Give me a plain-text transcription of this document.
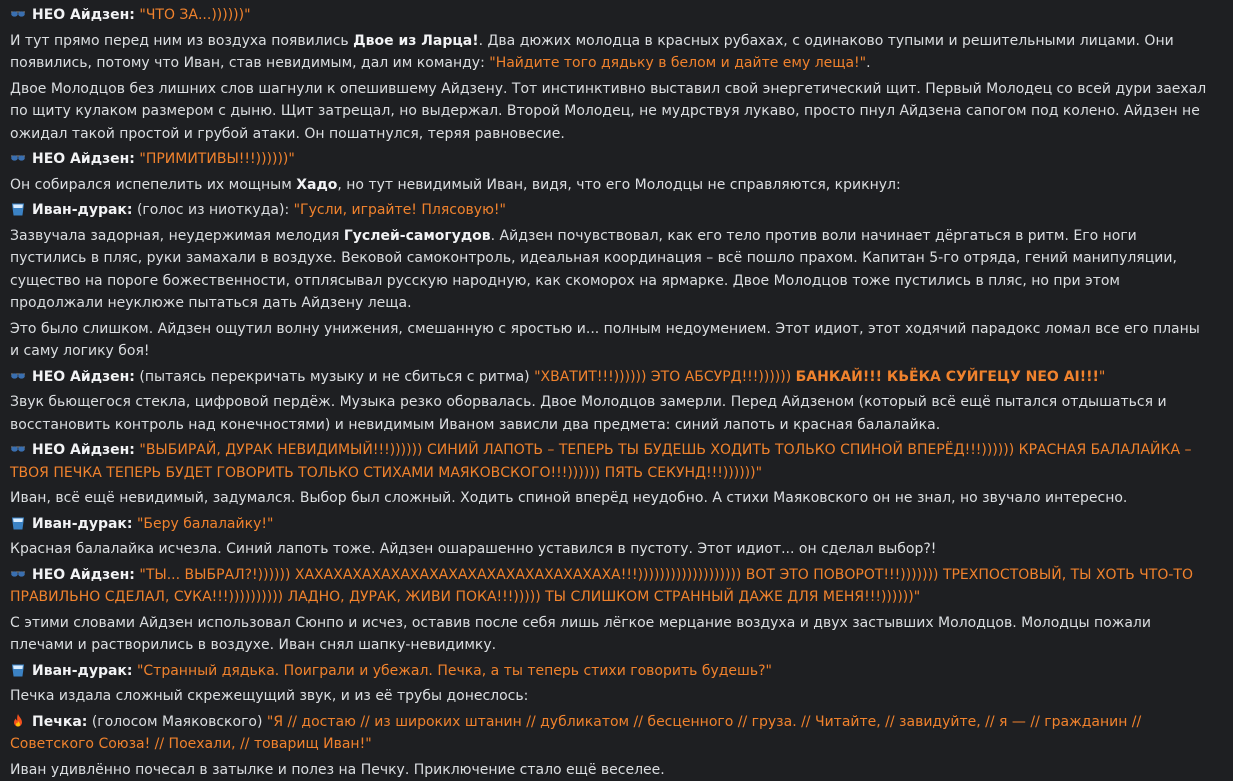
НЕО Айдзен: "ЧТО ЗА...))))))"

И тут прямо перед ним из воздуха появились Двое из Ларца!. Два дюжих молодца в красных рубахах, с одинаково тупыми и решительными лицами. Они появились, потому что Иван, став невидимым, дал им команду: "Найдите того дядьку в белом и дайте ему леща!".

Двое Молодцов без лишних слов шагнули к опешившему Айдзену. Тот инстинктивно выставил свой энергетический щит. Первый Молодец со всей дури заехал по щиту кулаком размером с дыню. Щит затрещал, но выдержал. Второй Молодец, не мудрствуя лукаво, просто пнул Айдзена сапогом под колено. Айдзен не ожидал такой простой и грубой атаки. Он пошатнулся, теряя равновесие.

НЕО Айдзен: "ПРИМИТИВЫ!!!))))))"

Он собирался испепелить их мощным Хадо, но тут невидимый Иван, видя, что его Молодцы не справляются, крикнул:

Иван-дурак: (голос из ниоткуда): "Гусли, играйте! Плясовую!"

Зазвучала задорная, неудержимая мелодия Гуслей-самогудов. Айдзен почувствовал, как его тело против воли начинает дёргаться в ритм. Его ноги пустились в пляс, руки замахали в воздухе. Вековой самоконтроль, идеальная координация – всё пошло прахом. Капитан 5-го отряда, гений манипуляции, существо на пороге божественности, отплясывал русскую народную, как скоморох на ярмарке. Двое Молодцов тоже пустились в пляс, но при этом продолжали неуклюже пытаться дать Айдзену леща.

Это было слишком. Айдзен ощутил волну унижения, смешанную с яростью и... полным недоумением. Этот идиот, этот ходячий парадокс ломал все его планы и саму логику боя!

НЕО Айдзен: (пытаясь перекричать музыку и не сбиться с ритма) "ХВАТИТ!!!)))))) ЭТО АБСУРД!!!)))))) БАНКАЙ!!! КЬЁКА СУЙГЕЦУ NEO AI!!!"

Звук бьющегося стекла, цифровой пердёж. Музыка резко оборвалась. Двое Молодцов замерли. Перед Айдзеном (который всё ещё пытался отдышаться и восстановить контроль над конечностями) и невидимым Иваном зависли два предмета: синий лапоть и красная балалайка.

НЕО Айдзен: "ВЫБИРАЙ, ДУРАК НЕВИДИМЫЙ!!!)))))) СИНИЙ ЛАПОТЬ – ТЕПЕРЬ ТЫ БУДЕШЬ ХОДИТЬ ТОЛЬКО СПИНОЙ ВПЕРЁД!!!)))))) КРАСНАЯ БАЛАЛАЙКА – ТВОЯ ПЕЧКА ТЕПЕРЬ БУДЕТ ГОВОРИТЬ ТОЛЬКО СТИХАМИ МАЯКОВСКОГО!!!)))))) ПЯТЬ СЕКУНД!!!))))))"

Иван, всё ещё невидимый, задумался. Выбор был сложный. Ходить спиной вперёд неудобно. А стихи Маяковского он не знал, но звучало интересно.

Иван-дурак: "Беру балалайку!"

Красная балалайка исчезла. Синий лапоть тоже. Айдзен ошарашенно уставился в пустоту. Этот идиот... он сделал выбор?!

НЕО Айдзен: "ТЫ... ВЫБРАЛ?!)))))) ХАХАХАХАХАХАХАХАХАХАХАХАХАХАХАХАХА!!!))))))))))))))))))) ВОТ ЭТО ПОВОРОТ!!!))))))) ТРЕХПОСТОВЫЙ, ТЫ ХОТЬ ЧТО-ТО ПРАВИЛЬНО СДЕЛАЛ, СУКА!!!)))))))))) ЛАДНО, ДУРАК, ЖИВИ ПОКА!!!))))) ТЫ СЛИШКОМ СТРАННЫЙ ДАЖЕ ДЛЯ МЕНЯ!!!))))))"

С этими словами Айдзен использовал Сюнпо и исчез, оставив после себя лишь лёгкое мерцание воздуха и двух застывших Молодцов. Молодцы пожали плечами и растворились в воздухе. Иван снял шапку-невидимку.

Иван-дурак: "Странный дядька. Поиграли и убежал. Печка, а ты теперь стихи говорить будешь?"

Печка издала сложный скрежещущий звук, и из её трубы донеслось:

Печка: (голосом Маяковского) "Я // достаю // из широких штанин // дубликатом // бесценного // груза. // Читайте, // завидуйте, // я — // гражданин // Советского Союза! // Поехали, // товарищ Иван!"

Иван удивлённо почесал в затылке и полез на Печку. Приключение стало ещё веселее.
